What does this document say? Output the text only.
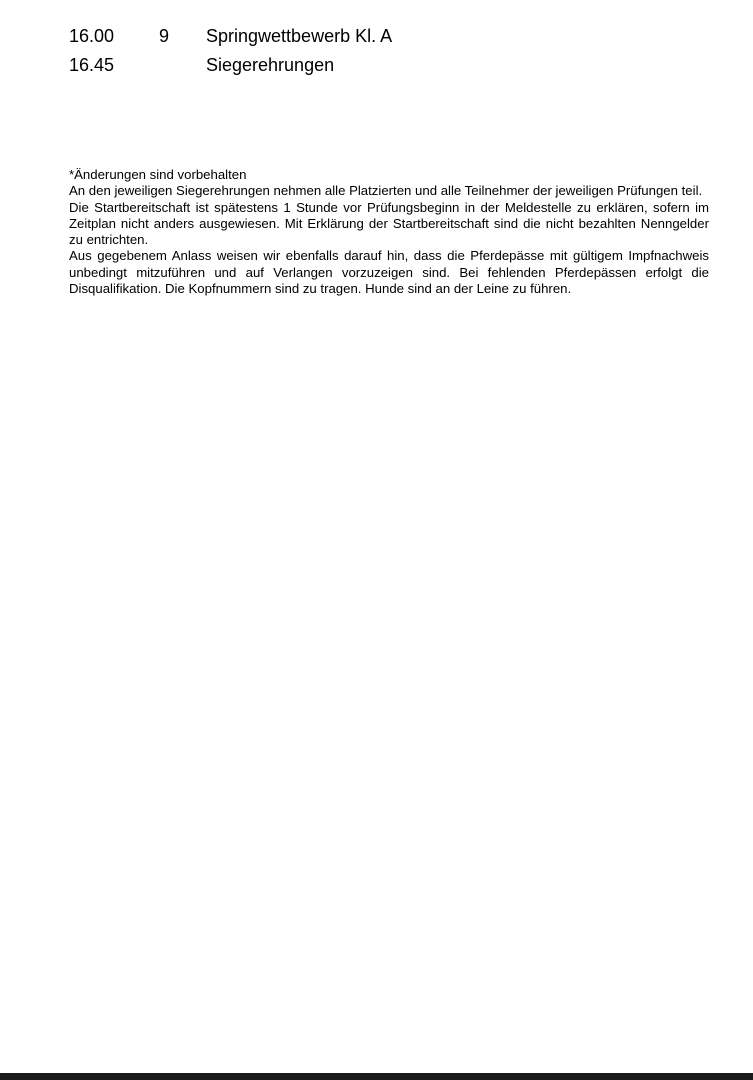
16.00 9 Springwettbewerb Kl. A
16.45	Siegerehrungen

*Änderungen sind vorbehalten

An den jeweiligen Siegerehrungen nehmen alle Platzierten und alle Teilnehmer der jeweiligen Prüfungen teil.

Die Startbereitschaft ist spätestens 1 Stunde vor Prüfungsbeginn in der Meldestelle zu erklären, sofern im Zeitplan nicht anders ausgewiesen. Mit Erklärung der Startbereitschaft sind die nicht bezahlten Nenngelder zu entrichten.

Aus gegebenem Anlass weisen wir ebenfalls darauf hin, dass die Pferdepässe mit gültigem Impfnachweis unbedingt mitzuführen und auf Verlangen vorzuzeigen sind. Bei fehlenden Pferdepässen erfolgt die Disqualifikation. Die Kopfnummern sind zu tragen. Hunde sind an der Leine zu führen.
